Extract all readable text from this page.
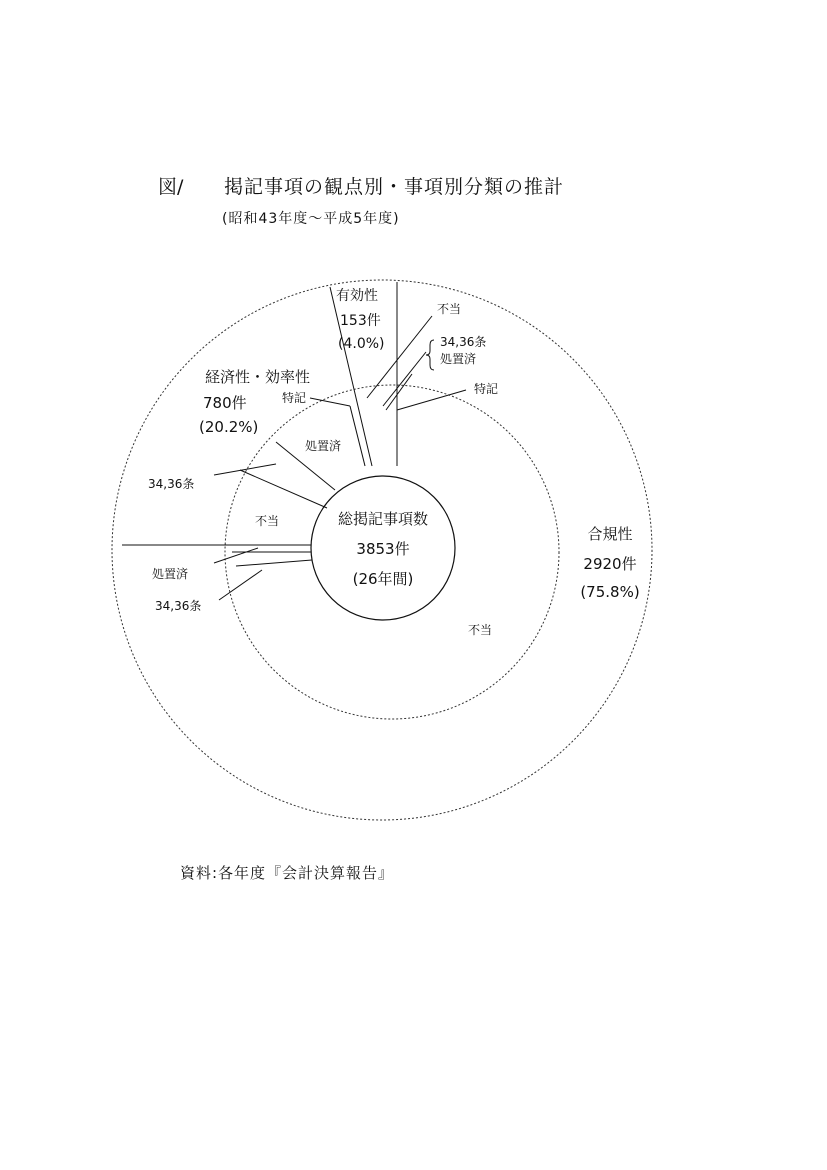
図/ 掲記事項の観点別・事項別分類の推計
(昭和43年度〜平成5年度)
総掲記事項数
3853件
(26年間)
合規性
2920件
(75.8%)
経済性・効率性
780件
(20.2%)
有効性
153件
(4.0%)
不当
不当
処置済
34,36条
特記
不当
34,36条
処置済
特記
処置済
34,36条
資料:各年度『会計決算報告』
